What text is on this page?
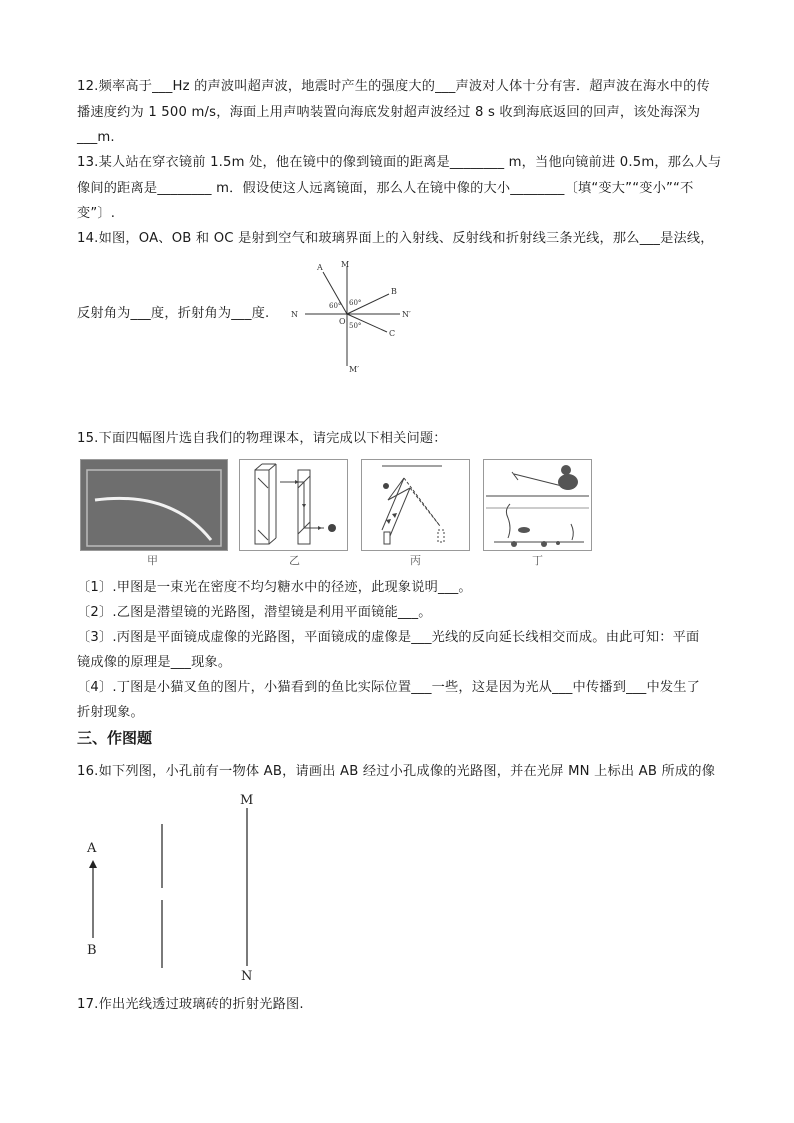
12.频率高于___Hz 的声波叫超声波，地震时产生的强度大的___声波对人体十分有害．超声波在海水中的传
播速度约为 1 500 m/s，海面上用声呐装置向海底发射超声波经过 8 s 收到海底返回的回声，该处海深为
___m.
13.某人站在穿衣镜前 1.5m 处，他在镜中的像到镜面的距离是________ m，当他向镜前进 0.5m，那么人与
像间的距离是________ m．假设使这人远离镜面，那么人在镜中像的大小________〔填“变大”“变小”“不
变”〕.
14.如图，OA、OB 和 OC 是射到空气和玻璃界面上的入射线、反射线和折射线三条光线，那么___是法线，
反射角为___度，折射角为___度.
M
M′
N	N′
A
B
C
O
60° 60°
50°
15.下面四幅图片选自我们的物理课本，请完成以下相关问题：
甲	乙	丙	丁
〔1〕.甲图是一束光在密度不均匀糖水中的径迹，此现象说明___。
〔2〕.乙图是潜望镜的光路图，潜望镜是利用平面镜能___。
〔3〕.丙图是平面镜成虚像的光路图，平面镜成的虚像是___光线的反向延长线相交而成。由此可知：平面
镜成像的原理是___现象。
〔4〕.丁图是小猫叉鱼的图片，小猫看到的鱼比实际位置___一些，这是因为光从___中传播到___中发生了
折射现象。
三、作图题
16.如下列图，小孔前有一物体 AB，请画出 AB 经过小孔成像的光路图，并在光屏 MN 上标出 AB 所成的像
A
B
M
N
17.作出光线透过玻璃砖的折射光路图.
